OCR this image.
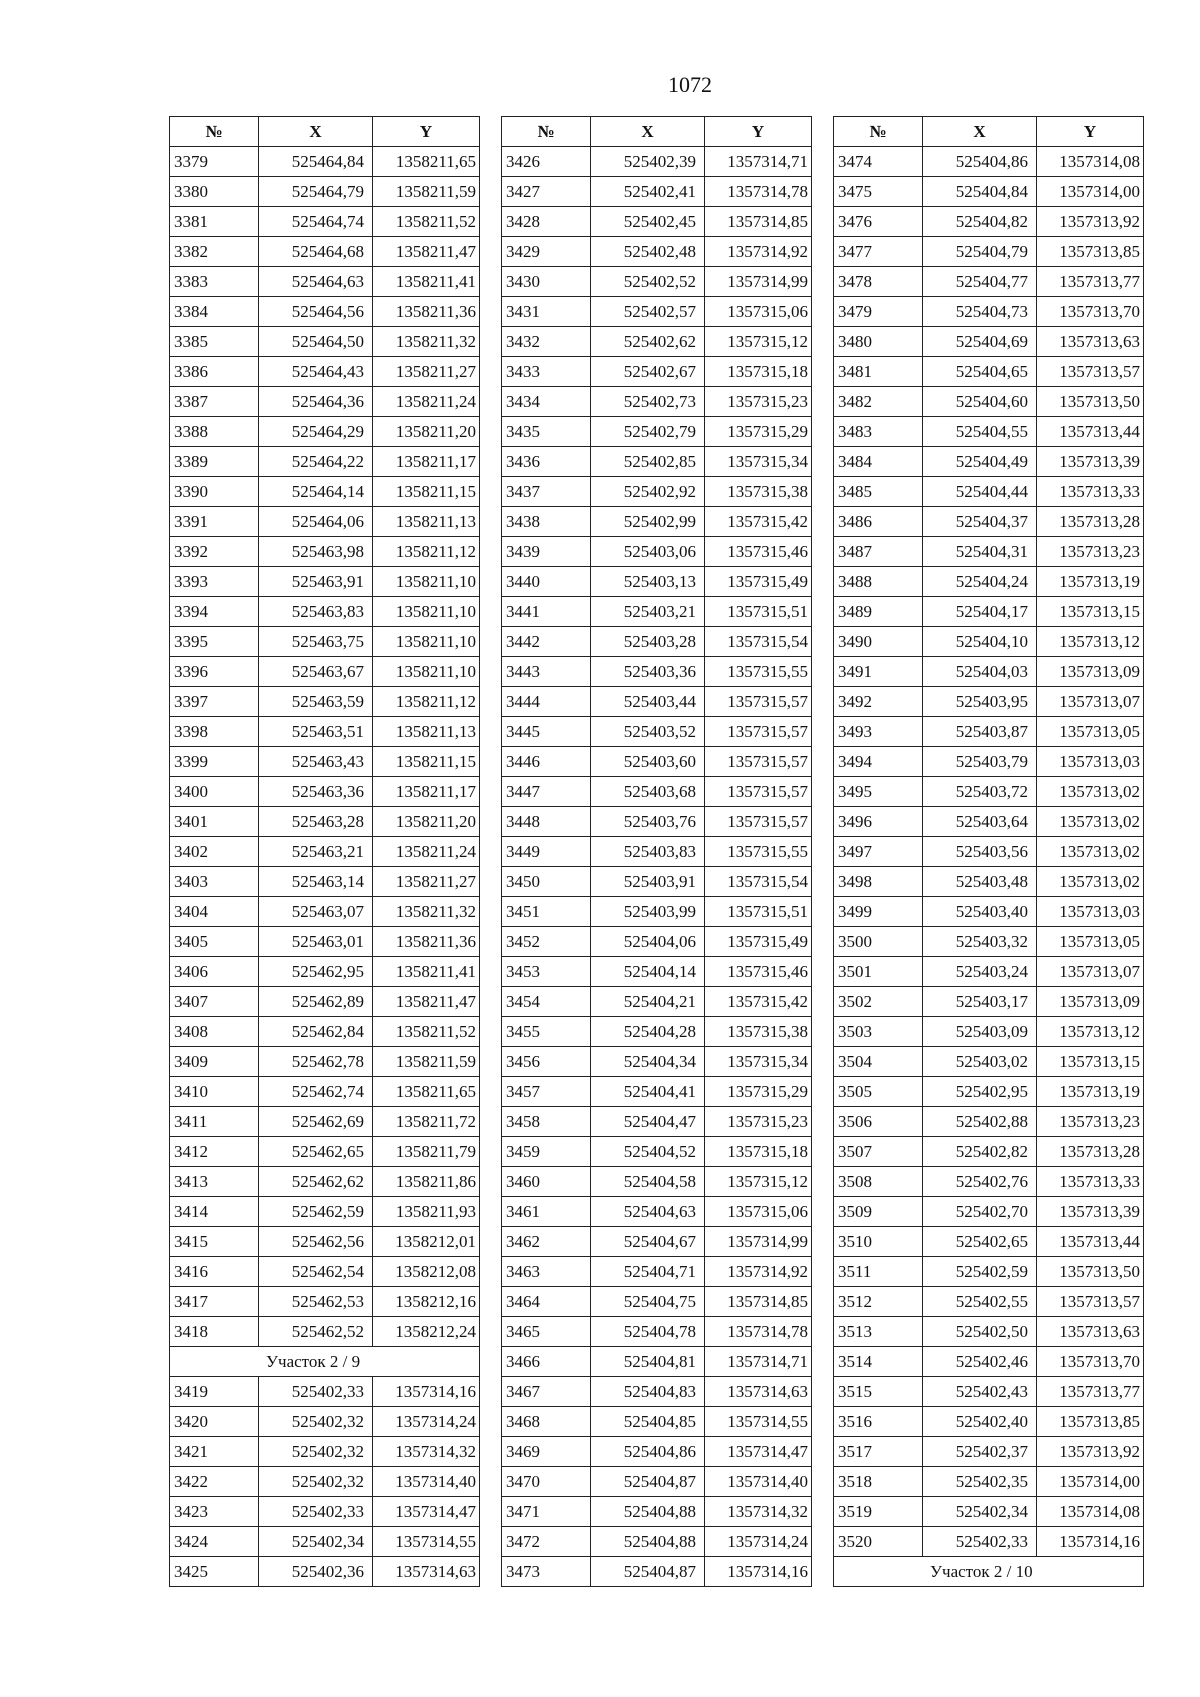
1072
№	X	Y
3379	525464,84	1358211,65
3380	525464,79	1358211,59
3381	525464,74	1358211,52
3382	525464,68	1358211,47
3383	525464,63	1358211,41
3384	525464,56	1358211,36
3385	525464,50	1358211,32
3386	525464,43	1358211,27
3387	525464,36	1358211,24
3388	525464,29	1358211,20
3389	525464,22	1358211,17
3390	525464,14	1358211,15
3391	525464,06	1358211,13
3392	525463,98	1358211,12
3393	525463,91	1358211,10
3394	525463,83	1358211,10
3395	525463,75	1358211,10
3396	525463,67	1358211,10
3397	525463,59	1358211,12
3398	525463,51	1358211,13
3399	525463,43	1358211,15
3400	525463,36	1358211,17
3401	525463,28	1358211,20
3402	525463,21	1358211,24
3403	525463,14	1358211,27
3404	525463,07	1358211,32
3405	525463,01	1358211,36
3406	525462,95	1358211,41
3407	525462,89	1358211,47
3408	525462,84	1358211,52
3409	525462,78	1358211,59
3410	525462,74	1358211,65
3411	525462,69	1358211,72
3412	525462,65	1358211,79
3413	525462,62	1358211,86
3414	525462,59	1358211,93
3415	525462,56	1358212,01
3416	525462,54	1358212,08
3417	525462,53	1358212,16
3418	525462,52	1358212,24
Участок 2 / 9		
3419	525402,33	1357314,16
3420	525402,32	1357314,24
3421	525402,32	1357314,32
3422	525402,32	1357314,40
3423	525402,33	1357314,47
3424	525402,34	1357314,55
3425	525402,36	1357314,63
№	X	Y
3426	525402,39	1357314,71
3427	525402,41	1357314,78
3428	525402,45	1357314,85
3429	525402,48	1357314,92
3430	525402,52	1357314,99
3431	525402,57	1357315,06
3432	525402,62	1357315,12
3433	525402,67	1357315,18
3434	525402,73	1357315,23
3435	525402,79	1357315,29
3436	525402,85	1357315,34
3437	525402,92	1357315,38
3438	525402,99	1357315,42
3439	525403,06	1357315,46
3440	525403,13	1357315,49
3441	525403,21	1357315,51
3442	525403,28	1357315,54
3443	525403,36	1357315,55
3444	525403,44	1357315,57
3445	525403,52	1357315,57
3446	525403,60	1357315,57
3447	525403,68	1357315,57
3448	525403,76	1357315,57
3449	525403,83	1357315,55
3450	525403,91	1357315,54
3451	525403,99	1357315,51
3452	525404,06	1357315,49
3453	525404,14	1357315,46
3454	525404,21	1357315,42
3455	525404,28	1357315,38
3456	525404,34	1357315,34
3457	525404,41	1357315,29
3458	525404,47	1357315,23
3459	525404,52	1357315,18
3460	525404,58	1357315,12
3461	525404,63	1357315,06
3462	525404,67	1357314,99
3463	525404,71	1357314,92
3464	525404,75	1357314,85
3465	525404,78	1357314,78
3466	525404,81	1357314,71
3467	525404,83	1357314,63
3468	525404,85	1357314,55
3469	525404,86	1357314,47
3470	525404,87	1357314,40
3471	525404,88	1357314,32
3472	525404,88	1357314,24
3473	525404,87	1357314,16
№	X	Y
3474	525404,86	1357314,08
3475	525404,84	1357314,00
3476	525404,82	1357313,92
3477	525404,79	1357313,85
3478	525404,77	1357313,77
3479	525404,73	1357313,70
3480	525404,69	1357313,63
3481	525404,65	1357313,57
3482	525404,60	1357313,50
3483	525404,55	1357313,44
3484	525404,49	1357313,39
3485	525404,44	1357313,33
3486	525404,37	1357313,28
3487	525404,31	1357313,23
3488	525404,24	1357313,19
3489	525404,17	1357313,15
3490	525404,10	1357313,12
3491	525404,03	1357313,09
3492	525403,95	1357313,07
3493	525403,87	1357313,05
3494	525403,79	1357313,03
3495	525403,72	1357313,02
3496	525403,64	1357313,02
3497	525403,56	1357313,02
3498	525403,48	1357313,02
3499	525403,40	1357313,03
3500	525403,32	1357313,05
3501	525403,24	1357313,07
3502	525403,17	1357313,09
3503	525403,09	1357313,12
3504	525403,02	1357313,15
3505	525402,95	1357313,19
3506	525402,88	1357313,23
3507	525402,82	1357313,28
3508	525402,76	1357313,33
3509	525402,70	1357313,39
3510	525402,65	1357313,44
3511	525402,59	1357313,50
3512	525402,55	1357313,57
3513	525402,50	1357313,63
3514	525402,46	1357313,70
3515	525402,43	1357313,77
3516	525402,40	1357313,85
3517	525402,37	1357313,92
3518	525402,35	1357314,00
3519	525402,34	1357314,08
3520	525402,33	1357314,16
Участок 2 / 10		
